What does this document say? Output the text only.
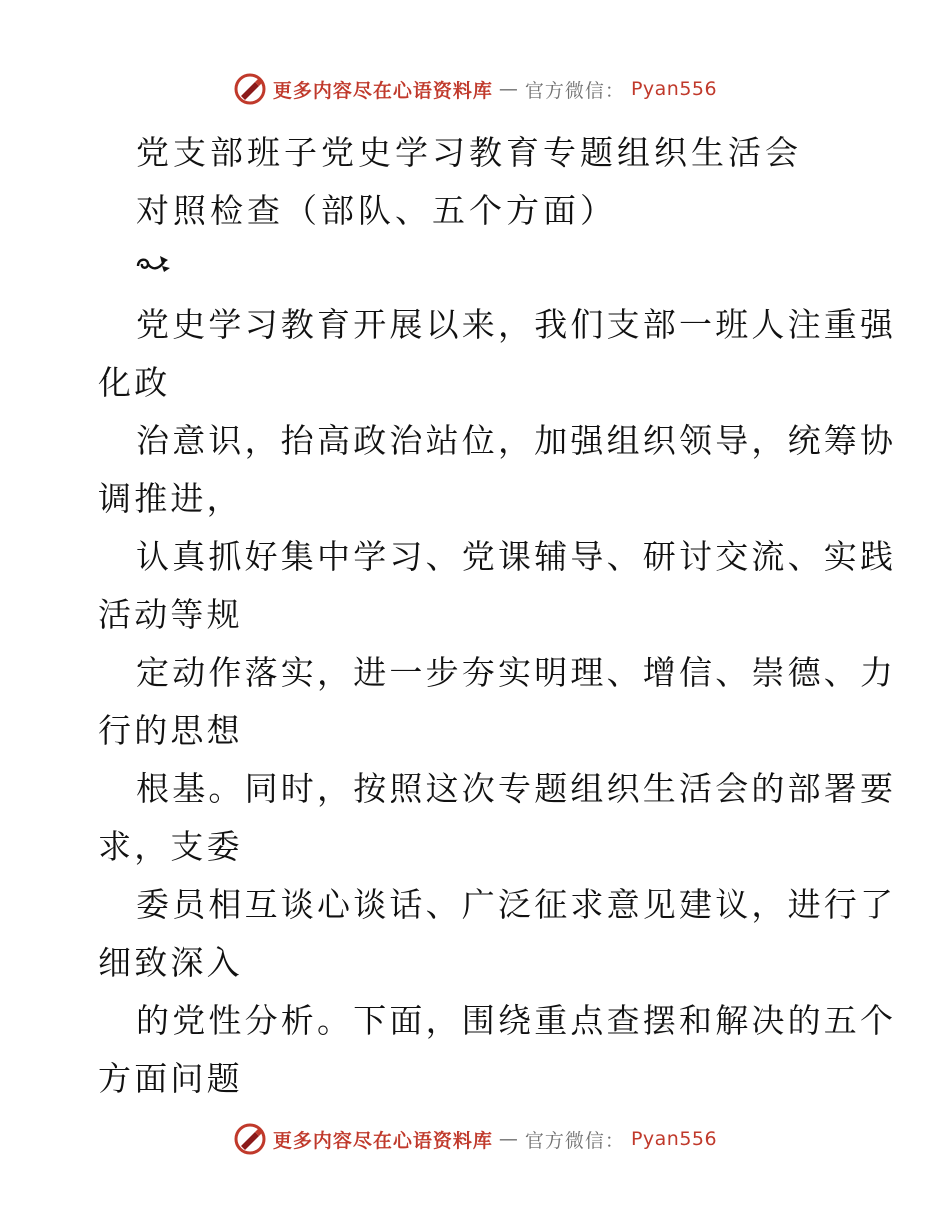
更多内容尽在心语资料库 — 官方微信： Pyan556
党支部班子党史学习教育专题组织生活会
对照检查（部队、五个方面）
党史学习教育开展以来，我们支部一班人注重强
化政
治意识，抬高政治站位，加强组织领导，统筹协
调推进，
认真抓好集中学习、党课辅导、研讨交流、实践
活动等规
定动作落实，进一步夯实明理、增信、崇德、力
行的思想
根基。同时，按照这次专题组织生活会的部署要
求，支委
委员相互谈心谈话、广泛征求意见建议，进行了
细致深入
的党性分析。下面，围绕重点查摆和解决的五个
方面问题
更多内容尽在心语资料库 — 官方微信： Pyan556
